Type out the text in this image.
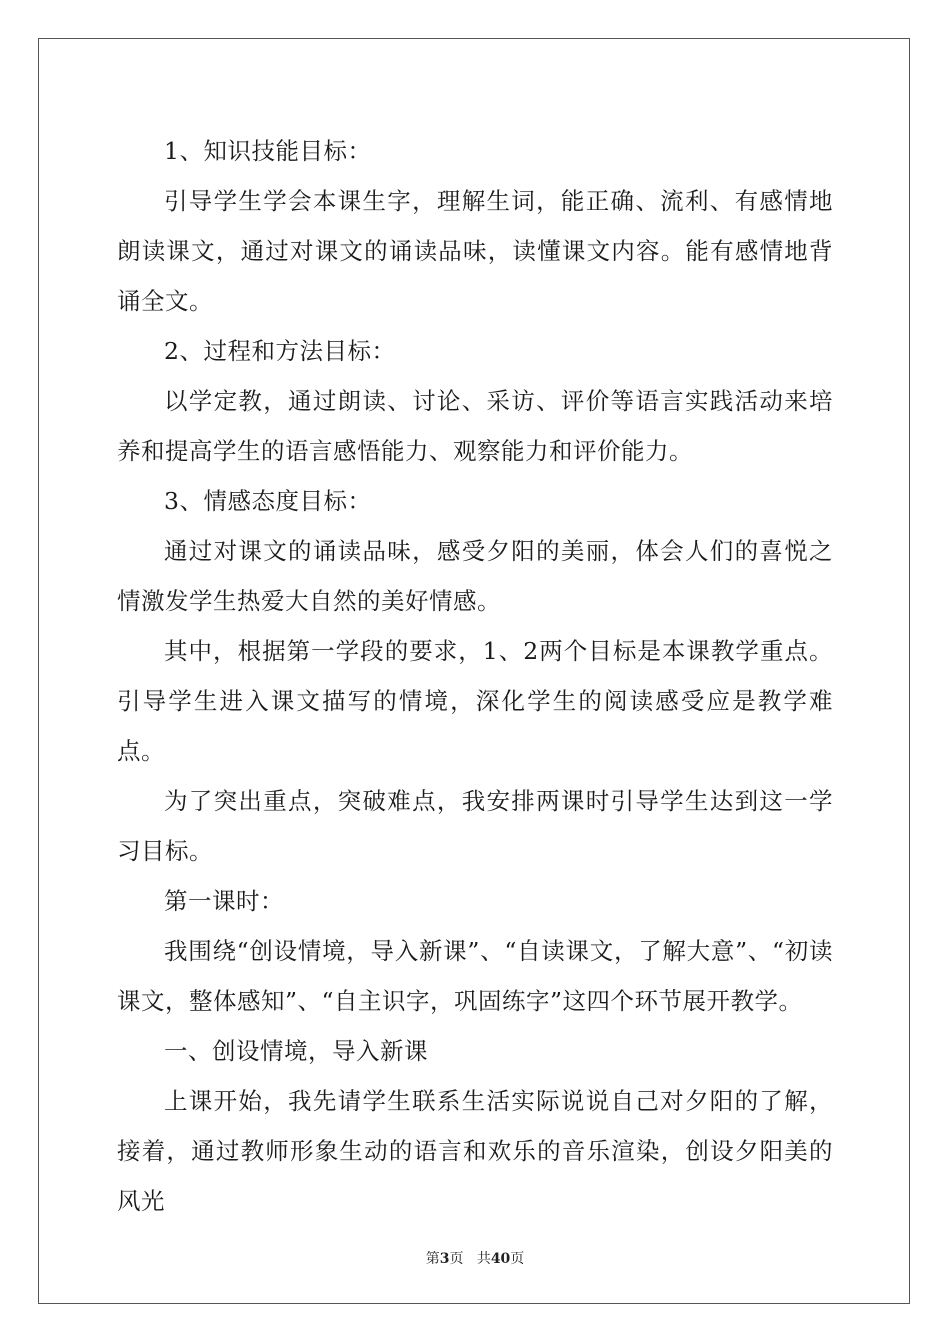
1、知识技能目标：

引导学生学会本课生字，理解生词，能正确、流利、有感情地朗读课文，通过对课文的诵读品味，读懂课文内容。能有感情地背诵全文。

2、过程和方法目标：

以学定教，通过朗读、讨论、采访、评价等语言实践活动来培养和提高学生的语言感悟能力、观察能力和评价能力。

3、情感态度目标：

通过对课文的诵读品味，感受夕阳的美丽，体会人们的喜悦之情激发学生热爱大自然的美好情感。

其中，根据第一学段的要求，1、2两个目标是本课教学重点。引导学生进入课文描写的情境，深化学生的阅读感受应是教学难点。

为了突出重点，突破难点，我安排两课时引导学生达到这一学习目标。

第一课时：

我围绕“创设情境，导入新课”、“自读课文，了解大意”、“初读课文，整体感知”、“自主识字，巩固练字”这四个环节展开教学。

一、创设情境，导入新课

上课开始，我先请学生联系生活实际说说自己对夕阳的了解，接着，通过教师形象生动的语言和欢乐的音乐渲染，创设夕阳美的风光

第3页 共40页
